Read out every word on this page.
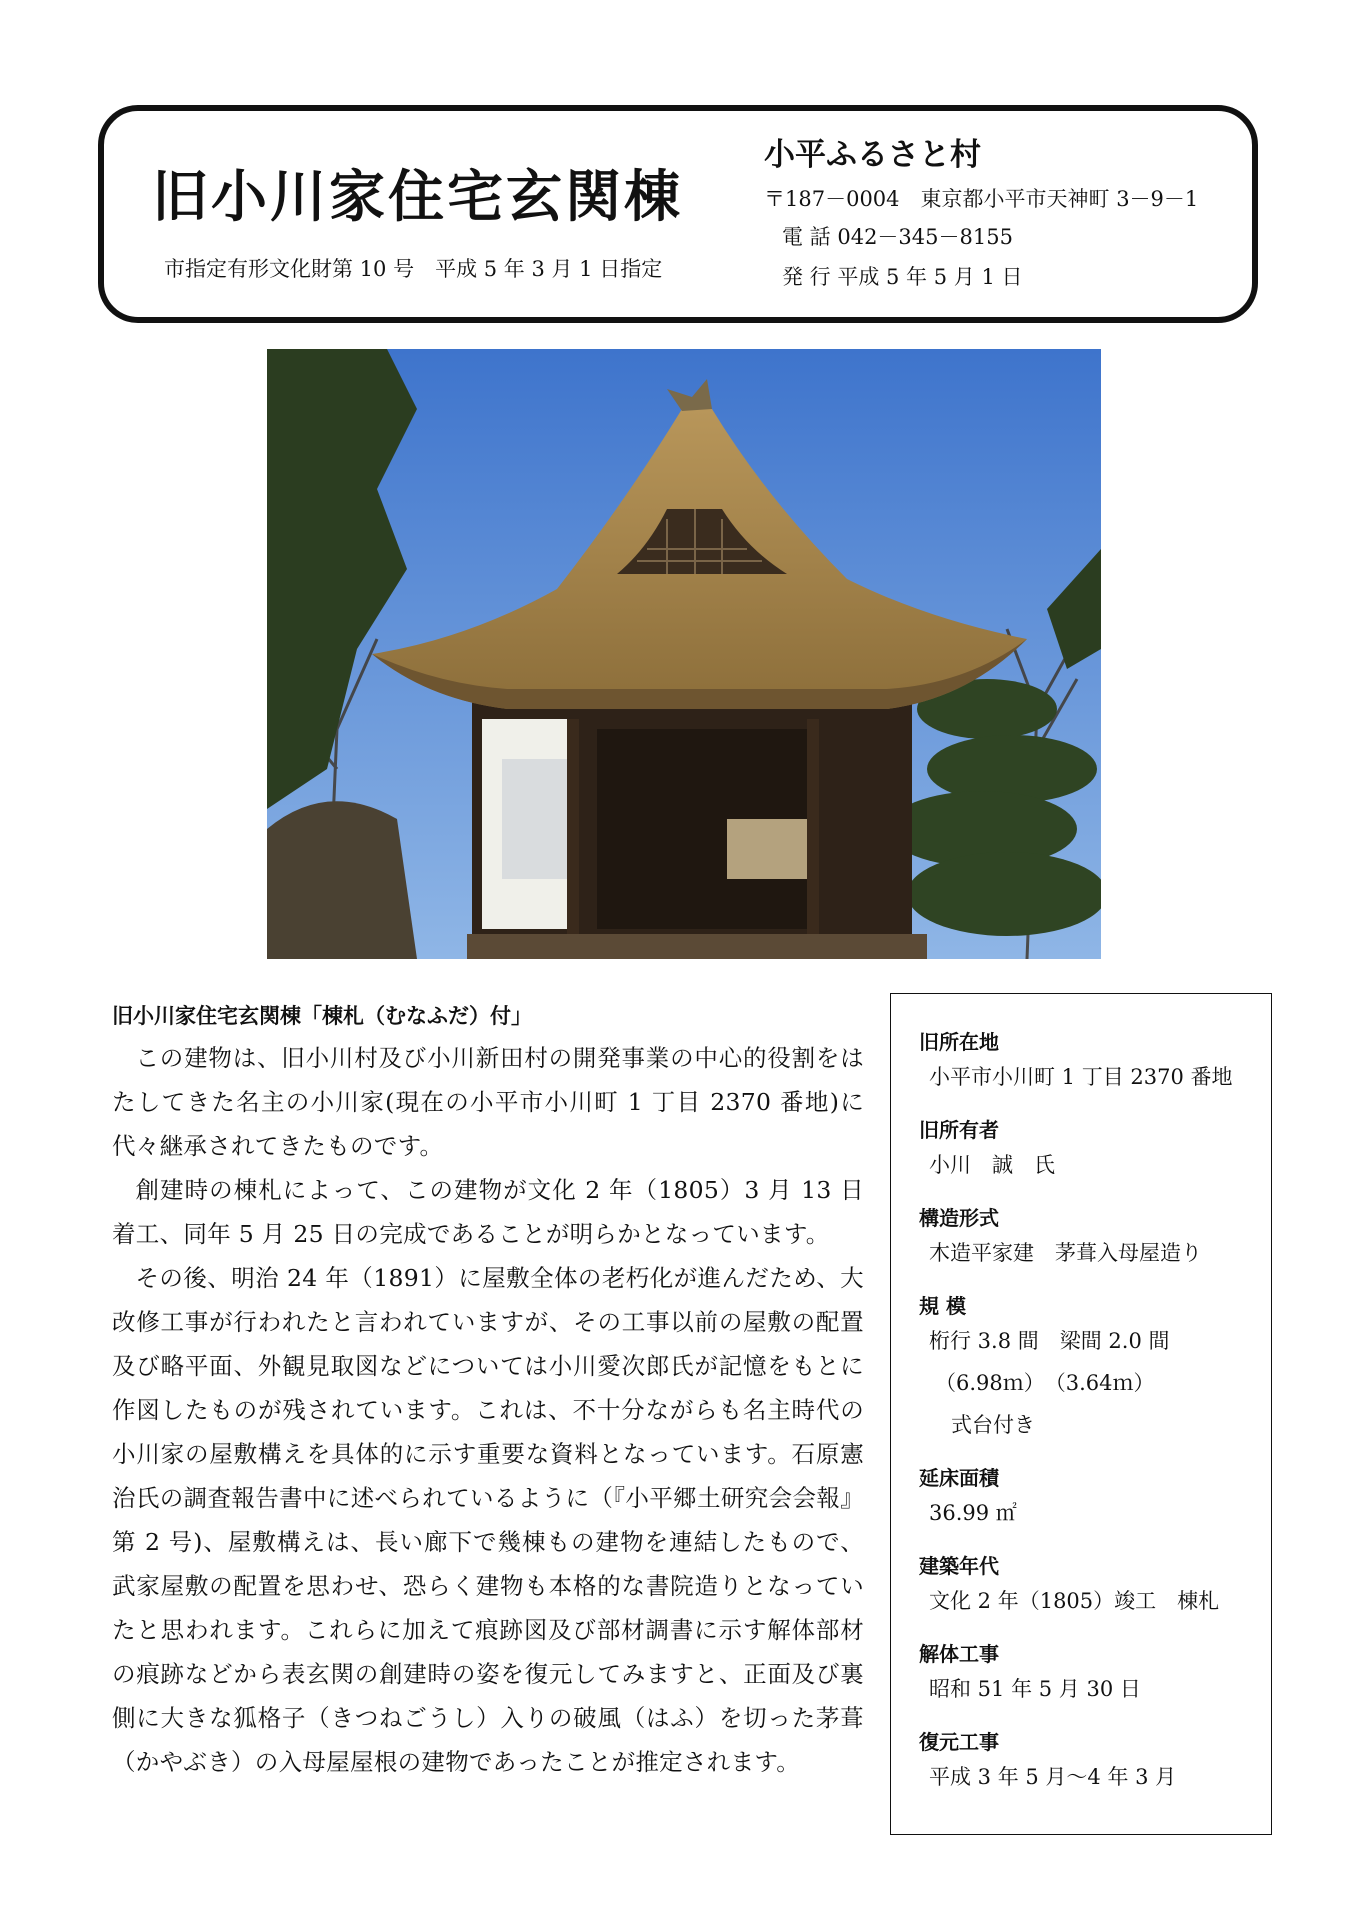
旧小川家住宅玄関棟
市指定有形文化財第 10 号　平成 5 年 3 月 1 日指定
小平ふるさと村
〒187－0004　東京都小平市天神町 3－9－1
電 話 042－345－8155
発 行 平成 5 年 5 月 1 日
旧小川家住宅玄関棟「棟札（むなふだ）付」

この建物は、旧小川村及び小川新田村の開発事業の中心的役割をはたしてきた名主の小川家(現在の小平市小川町 1 丁目 2370 番地)に代々継承されてきたものです。

創建時の棟札によって、この建物が文化 2 年（1805）3 月 13 日着工、同年 5 月 25 日の完成であることが明らかとなっています。

その後、明治 24 年（1891）に屋敷全体の老朽化が進んだため、大改修工事が行われたと言われていますが、その工事以前の屋敷の配置及び略平面、外観見取図などについては小川愛次郎氏が記憶をもとに作図したものが残されています。これは、不十分ながらも名主時代の小川家の屋敷構えを具体的に示す重要な資料となっています。石原憲治氏の調査報告書中に述べられているように（『小平郷土研究会会報』第 2 号)、屋敷構えは、長い廊下で幾棟もの建物を連結したもので、武家屋敷の配置を思わせ、恐らく建物も本格的な書院造りとなっていたと思われます。これらに加えて痕跡図及び部材調書に示す解体部材の痕跡などから表玄関の創建時の姿を復元してみますと、正面及び裏側に大きな狐格子（きつねごうし）入りの破風（はふ）を切った茅葺（かやぶき）の入母屋屋根の建物であったことが推定されます。

旧所在地
小平市小川町 1 丁目 2370 番地
旧所有者
小川　誠　氏
構造形式
木造平家建　茅葺入母屋造り
規 模
桁行 3.8 間　梁間 2.0 間
（6.98ｍ）　（3.64ｍ）
式台付き
延床面積
36.99 ㎡
建築年代
文化 2 年（1805）竣工　棟札
解体工事
昭和 51 年 5 月 30 日
復元工事
平成 3 年 5 月～4 年 3 月
